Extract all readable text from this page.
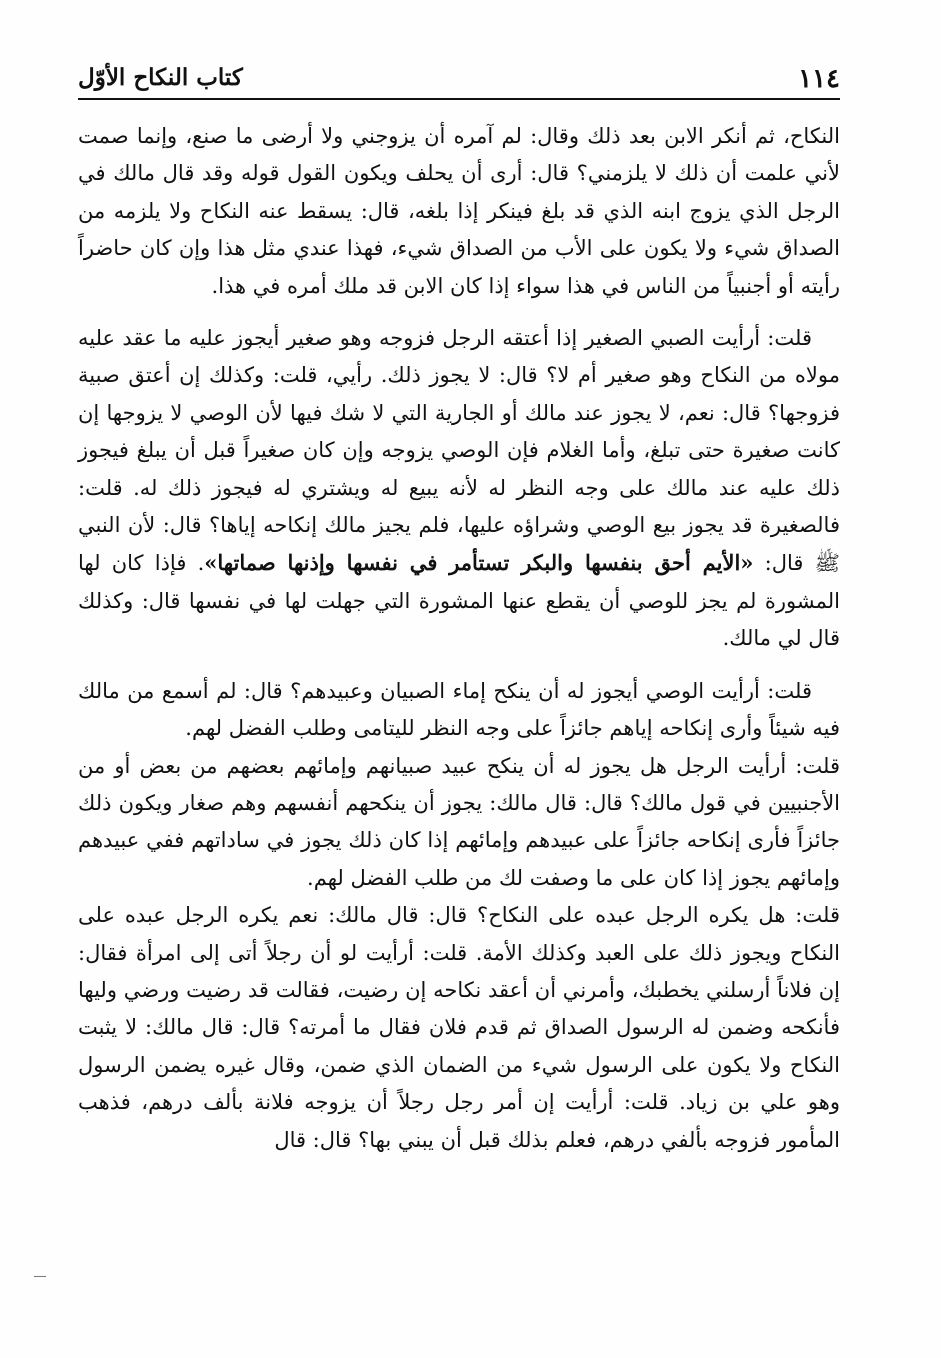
١١٤
كتاب النكاح الأوّل

النكاح، ثم أنكر الابن بعد ذلك وقال: لم آمره أن يزوجني ولا أرضى ما صنع، وإنما صمت لأني علمت أن ذلك لا يلزمني؟ قال: أرى أن يحلف ويكون القول قوله وقد قال مالك في الرجل الذي يزوج ابنه الذي قد بلغ فينكر إذا بلغه، قال: يسقط عنه النكاح ولا يلزمه من الصداق شيء ولا يكون على الأب من الصداق شيء، فهذا عندي مثل هذا وإن كان حاضراً رأيته أو أجنبياً من الناس في هذا سواء إذا كان الابن قد ملك أمره في هذا.

قلت: أرأيت الصبي الصغير إذا أعتقه الرجل فزوجه وهو صغير أيجوز عليه ما عقد عليه مولاه من النكاح وهو صغير أم لا؟ قال: لا يجوز ذلك. رأيي، قلت: وكذلك إن أعتق صبية فزوجها؟ قال: نعم، لا يجوز عند مالك أو الجارية التي لا شك فيها لأن الوصي لا يزوجها إن كانت صغيرة حتى تبلغ، وأما الغلام فإن الوصي يزوجه وإن كان صغيراً قبل أن يبلغ فيجوز ذلك عليه عند مالك على وجه النظر له لأنه يبيع له ويشتري له فيجوز ذلك له. قلت: فالصغيرة قد يجوز بيع الوصي وشراؤه عليها، فلم يجيز مالك إنكاحه إياها؟ قال: لأن النبي ﷺ قال: «الأيم أحق بنفسها والبكر تستأمر في نفسها وإذنها صماتها». فإذا كان لها المشورة لم يجز للوصي أن يقطع عنها المشورة التي جهلت لها في نفسها قال: وكذلك قال لي مالك.

قلت: أرأيت الوصي أيجوز له أن ينكح إماء الصبيان وعبيدهم؟ قال: لم أسمع من مالك فيه شيئاً وأرى إنكاحه إياهم جائزاً على وجه النظر لليتامى وطلب الفضل لهم.

قلت: أرأيت الرجل هل يجوز له أن ينكح عبيد صبيانهم وإمائهم بعضهم من بعض أو من الأجنبيين في قول مالك؟ قال: قال مالك: يجوز أن ينكحهم أنفسهم وهم صغار ويكون ذلك جائزاً فأرى إنكاحه جائزاً على عبيدهم وإمائهم إذا كان ذلك يجوز في ساداتهم ففي عبيدهم وإمائهم يجوز إذا كان على ما وصفت لك من طلب الفضل لهم.

قلت: هل يكره الرجل عبده على النكاح؟ قال: قال مالك: نعم يكره الرجل عبده على النكاح ويجوز ذلك على العبد وكذلك الأمة. قلت: أرأيت لو أن رجلاً أتى إلى امرأة فقال: إن فلاناً أرسلني يخطبك، وأمرني أن أعقد نكاحه إن رضيت، فقالت قد رضيت ورضي وليها فأنكحه وضمن له الرسول الصداق ثم قدم فلان فقال ما أمرته؟ قال: قال مالك: لا يثبت النكاح ولا يكون على الرسول شيء من الضمان الذي ضمن، وقال غيره يضمن الرسول وهو علي بن زياد. قلت: أرأيت إن أمر رجل رجلاً أن يزوجه فلانة بألف درهم، فذهب المأمور فزوجه بألفي درهم، فعلم بذلك قبل أن يبني بها؟ قال: قال
